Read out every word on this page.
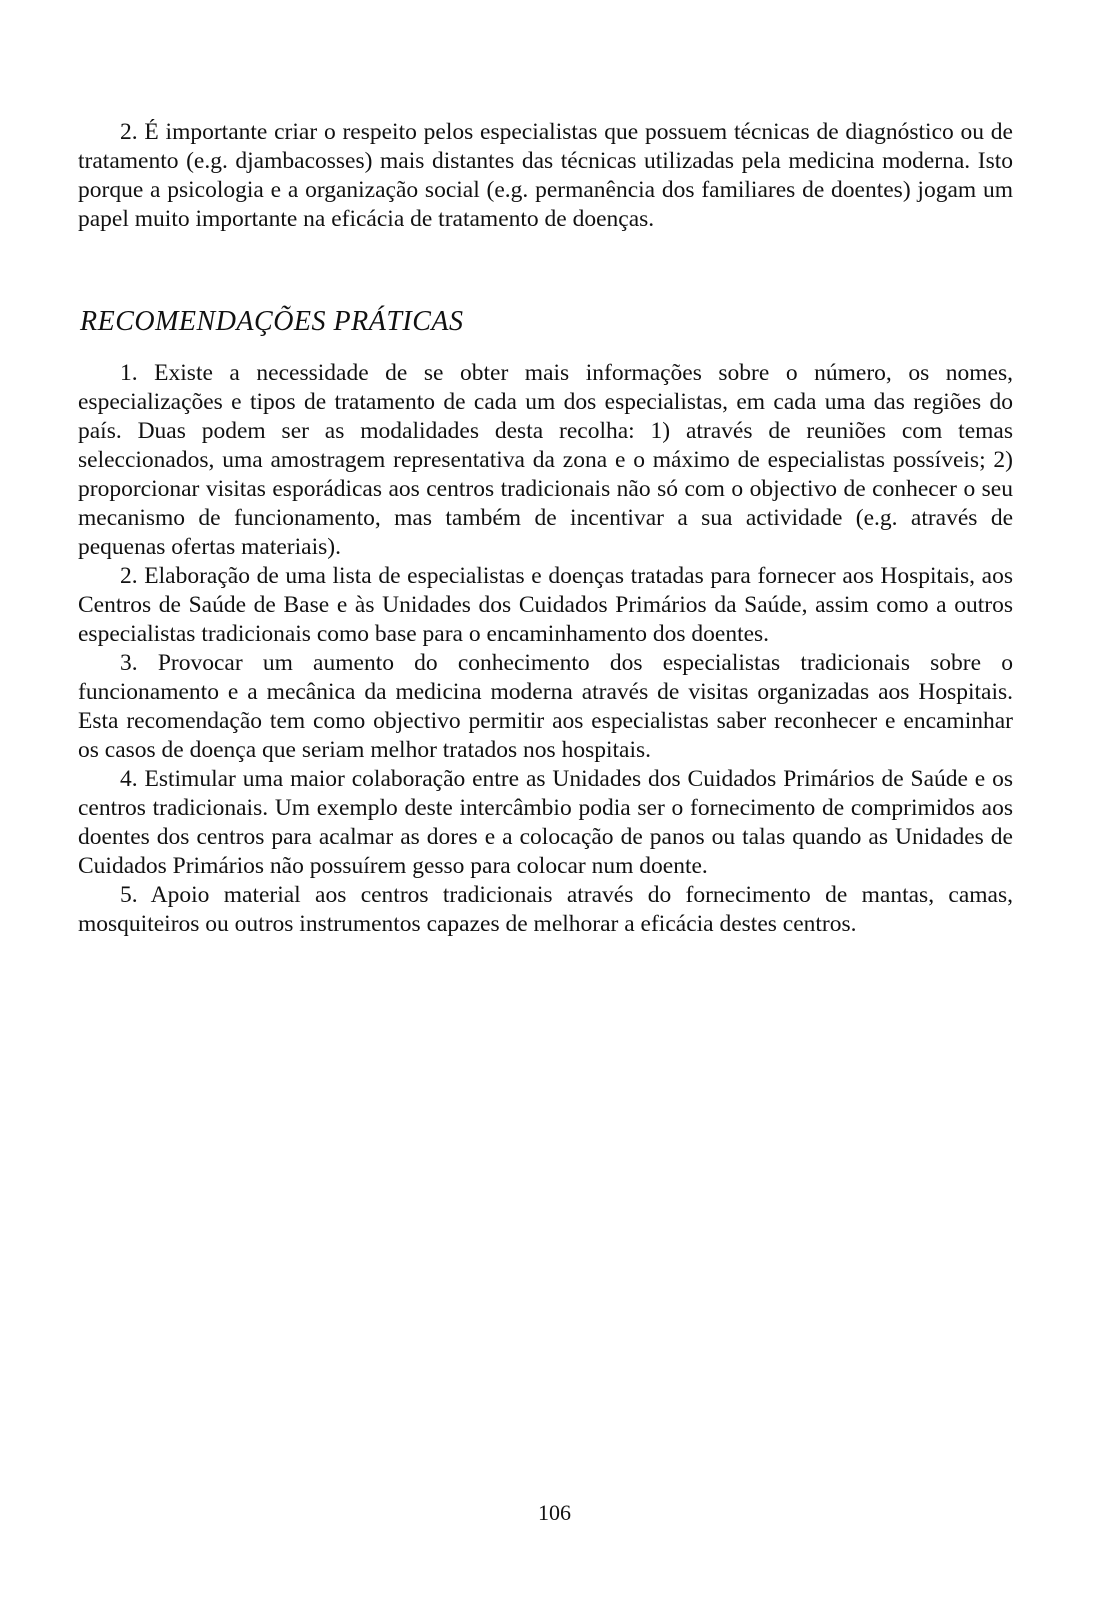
2. É importante criar o respeito pelos especialistas que possuem técnicas de diagnóstico ou de tratamento (e.g. djambacosses) mais distantes das técnicas utilizadas pela medicina moderna. Isto porque a psicologia e a organização social (e.g. permanência dos familiares de doentes) jogam um papel muito importante na eficácia de tratamento de doenças.

RECOMENDAÇÕES PRÁTICAS

1. Existe a necessidade de se obter mais informações sobre o número, os nomes, especializações e tipos de tratamento de cada um dos especialistas, em cada uma das regiões do país. Duas podem ser as modalidades desta recolha: 1) através de reuniões com temas seleccionados, uma amostragem representativa da zona e o máximo de especialistas possíveis; 2) proporcionar visitas esporádicas aos centros tradicionais não só com o objectivo de conhecer o seu mecanismo de funcionamento, mas também de incentivar a sua actividade (e.g. através de pequenas ofertas materiais).

2. Elaboração de uma lista de especialistas e doenças tratadas para fornecer aos Hospitais, aos Centros de Saúde de Base e às Unidades dos Cuidados Primários da Saúde, assim como a outros especialistas tradicionais como base para o encaminhamento dos doentes.

3. Provocar um aumento do conhecimento dos especialistas tradicionais sobre o funcionamento e a mecânica da medicina moderna através de visitas organizadas aos Hospitais. Esta recomendação tem como objectivo permitir aos especialistas saber reconhecer e encaminhar os casos de doença que seriam melhor tratados nos hospitais.

4. Estimular uma maior colaboração entre as Unidades dos Cuidados Primários de Saúde e os centros tradicionais. Um exemplo deste intercâmbio podia ser o fornecimento de comprimidos aos doentes dos centros para acalmar as dores e a colocação de panos ou talas quando as Unidades de Cuidados Primários não possuírem gesso para colocar num doente.

5. Apoio material aos centros tradicionais através do fornecimento de mantas, camas, mosquiteiros ou outros instrumentos capazes de melhorar a eficácia destes centros.

106
